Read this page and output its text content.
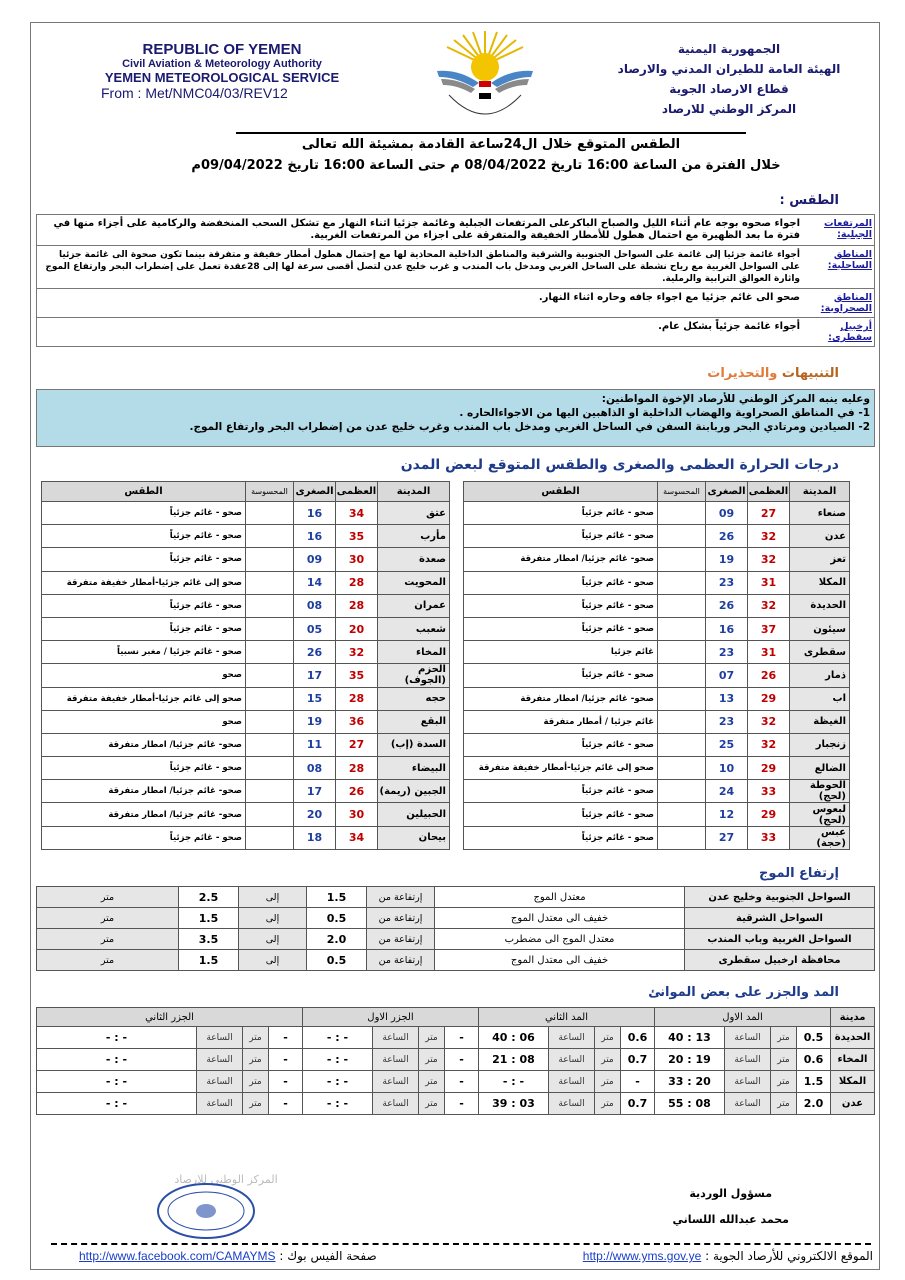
REPUBLIC OF YEMEN
Civil Aviation & Meteorology Authority
YEMEN METEOROLOGICAL SERVICE
From : Met/NMC04/03/REV12
الجمهورية اليمنية
الهيئة العامة للطيران المدني والارصاد
قطاع الارصاد الجوية
المركز الوطني للارصاد
الطقس المتوقع خلال ال24ساعة القادمة بمشيئة الله تعالى
خلال الفترة من الساعة 16:00 تاريخ 08/04/2022 م حتى الساعة 16:00 تاريخ 09/04/2022م
الطقس :
المرتفعات الجبلية:
اجواء صحوه بوجه عام أثناء الليل والصباح الباكرعلى المرتفعات الجبلية وغائمة جزئيا اثناء النهار مع تشكل السحب المنخفضة والركامية على أجزاء منها في فترة ما بعد الظهيرة مع احتمال هطول للأمطار الخفيفة والمتفرقة على اجزاء من المرتفعات الغربية.
المناطق الساحلية:
أجواء غائمة جزئيا إلى غائمة على السواحل الجنوبية والشرقية والمناطق الداخلية المحاذية لها مع إحتمال هطول أمطار خفيفة و متفرقة بينما تكون صحوة الى غائمة جزئيا على السواحل الغربية مع رياح نشطة على الساحل الغربي ومدخل باب المندب و غرب خليج عدن لتصل أقصى سرعة لها إلى 28عقدة تعمل على إضطراب البحر وارتفاع الموج واثارة العوالق الترابية والرملية.
المناطق الصحراوية:
صحو الى غائم جزئيا مع اجواء جافه وحاره اثناء النهار.
أرخبيل سقطرى:
أجواء غائمة جزئياً بشكل عام.
التنبيهات والتحذيرات
وعليه ينبه المركز الوطني للأرصاد الإخوة المواطنين:
1- في المناطق الصحراوية والهضاب الداخلية او الذاهبين اليها من الاجواءالحاره .
2- الصيادين ومرتادي البحر وربابنة السفن في الساحل الغربي ومدخل باب المندب وغرب خليج عدن من إضطراب البحر وارتفاع الموج.
درجات الحرارة العظمى والصغرى والطقس المتوقع لبعض المدن
المدينة	العظمى	الصغرى	المحسوسة	الطقس
صنعاء	27	09		صحو - غائم جزئياً
عدن	32	26		صحو - غائم جزئياً
تعز	32	19		صحو- غائم جزئيا/ امطار متفرقة
المكلا	31	23		صحو - غائم جزئياً
الحديدة	32	26		صحو - غائم جزئياً
سيئون	37	16		صحو - غائم جزئياً
سقطرى	31	23		غائم جزئيا
ذمار	26	07		صحو - غائم جزئياً
اب	29	13		صحو- غائم جزئيا/ امطار متفرقة
الغيظة	32	23		غائم جزئيا / أمطار متفرقة
زنجبار	32	25		صحو - غائم جزئياً
الضالع	29	10		صحو إلى غائم جزئيا-أمطار خفيفة متفرقة
الحوطة (لحج)	33	24		صحو - غائم جزئياً
لبعوس (لحج)	29	12		صحو - غائم جزئياً
عبس (حجة)	33	27		صحو - غائم جزئياً
المدينة	العظمى	الصغرى	المحسوسة	الطقس
عتق	34	16		صحو - غائم جزئياً
مأرب	35	16		صحو - غائم جزئياً
صعدة	30	09		صحو - غائم جزئياً
المحويت	28	14		صحو إلى غائم جزئيا-أمطار خفيفة متفرقة
عمران	28	08		صحو - غائم جزئياً
شعبب	20	05		صحو - غائم جزئياً
المخاء	32	26		صحو - غائم جزئيا / مغبر نسبياً
الحزم (الجوف)	35	17		صحو
حجه	28	15		صحو إلى غائم جزئيا-أمطار خفيفة متفرقة
البقع	36	19		صحو
السدة (إب)	27	11		صحو- غائم جزئيا/ امطار متفرقة
البيضاء	28	08		صحو - غائم جزئياً
الجبين (ريمة)	26	17		صحو- غائم جزئيا/ امطار متفرقة
الحبيلين	30	20		صحو- غائم جزئيا/ امطار متفرقة
بيحان	34	18		صحو - غائم جزئياً
إرتفاع الموج
السواحل الجنوبية وخليج عدن	معتدل الموج	إرتفاعة من	1.5	إلى	2.5	متر
السواحل الشرقية	خفيف الى معتدل الموج	إرتفاعة من	0.5	إلى	1.5	متر
السواحل الغربية وباب المندب	معتدل الموج الى مضطرب	إرتفاعة من	2.0	إلى	3.5	متر
محافظة ارخبيل سقطرى	خفيف الى معتدل الموج	إرتفاعة من	0.5	إلى	1.5	متر
المد والجزر على بعض الموانئ
مدينة	المد الاول				المد الثاني				الجزر الاول				الجزر الثاني			
الحديدة	0.5	متر	الساعة	13 : 40	0.6	متر	الساعة	06 : 40	-	متر	الساعة	- : -	-	متر	الساعة	- : -
المخاء	0.6	متر	الساعة	19 : 20	0.7	متر	الساعة	08 : 21	-	متر	الساعة	- : -	-	متر	الساعة	- : -
المكلا	1.5	متر	الساعة	20 : 33	-	متر	الساعة	- : -	-	متر	الساعة	- : -	-	متر	الساعة	- : -
عدن	2.0	متر	الساعة	08 : 55	0.7	متر	الساعة	03 : 39	-	متر	الساعة	- : -	-	متر	الساعة	- : -
مسؤول الوردية
محمد عبدالله اللساني
المركز الوطني للارصاد
الموقع الالكتروني للأرصاد الجوية : http://www.yms.gov.ye
صفحة الفيس بوك : http://www.facebook.com/CAMAYMS
